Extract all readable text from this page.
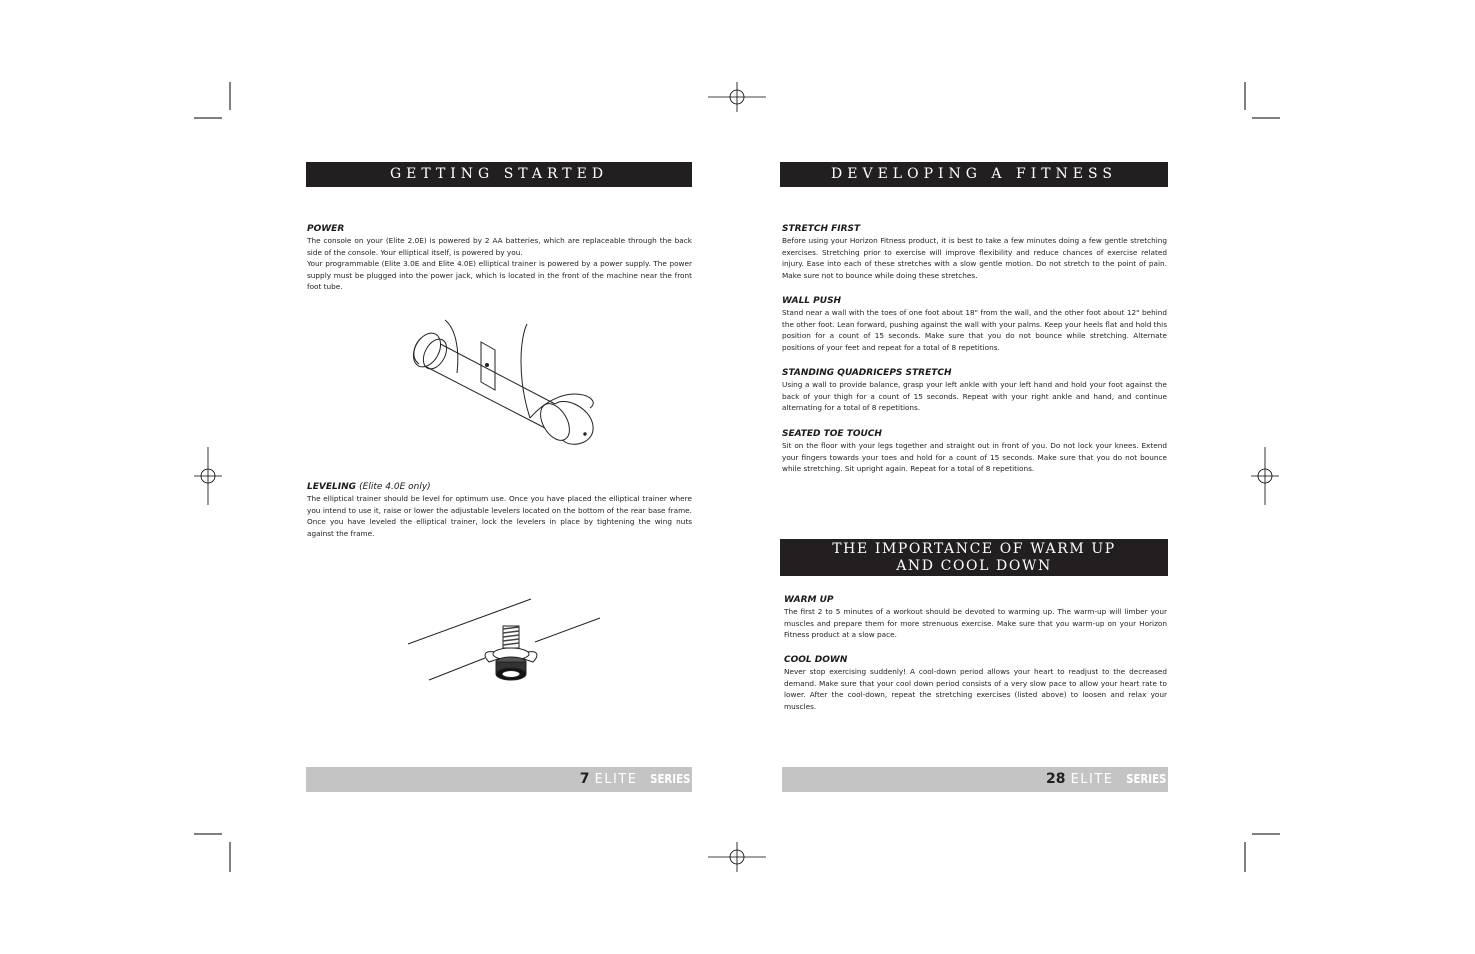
GETTING STARTED

POWER

The console on your (Elite 2.0E) is powered by 2 AA batteries, which are replaceable through the back side of the console. Your elliptical itself, is powered by you.

Your programmable (Elite 3.0E and Elite 4.0E) elliptical trainer is powered by a power supply. The power supply must be plugged into the power jack, which is located in the front of the machine near the front foot tube.

LEVELING (Elite 4.0E only)

The elliptical trainer should be level for optimum use. Once you have placed the elliptical trainer where you intend to use it, raise or lower the adjustable levelers located on the bottom of the rear base frame. Once you have leveled the elliptical trainer, lock the levelers in place by tightening the wing nuts against the frame.

7 ELITE SERIES
DEVELOPING A FITNESS PROGRAM

STRETCH FIRST

Before using your Horizon Fitness product, it is best to take a few minutes doing a few gentle stretching exercises. Stretching prior to exercise will improve flexibility and reduce chances of exercise related injury. Ease into each of these stretches with a slow gentle motion. Do not stretch to the point of pain. Make sure not to bounce while doing these stretches.

WALL PUSH

Stand near a wall with the toes of one foot about 18" from the wall, and the other foot about 12" behind the other foot. Lean forward, pushing against the wall with your palms. Keep your heels flat and hold this position for a count of 15 seconds. Make sure that you do not bounce while stretching. Alternate positions of your feet and repeat for a total of 8 repetitions.

STANDING QUADRICEPS STRETCH

Using a wall to provide balance, grasp your left ankle with your left hand and hold your foot against the back of your thigh for a count of 15 seconds. Repeat with your right ankle and hand, and continue alternating for a total of 8 repetitions.

SEATED TOE TOUCH

Sit on the floor with your legs together and straight out in front of you. Do not lock your knees. Extend your fingers towards your toes and hold for a count of 15 seconds. Make sure that you do not bounce while stretching. Sit upright again. Repeat for a total of 8 repetitions.

THE IMPORTANCE OF WARM UP
AND COOL DOWN

WARM UP

The first 2 to 5 minutes of a workout should be devoted to warming up. The warm-up will limber your muscles and prepare them for more strenuous exercise. Make sure that you warm-up on your Horizon Fitness product at a slow pace.

COOL DOWN

Never stop exercising suddenly! A cool-down period allows your heart to readjust to the decreased demand. Make sure that your cool down period consists of a very slow pace to allow your heart rate to lower. After the cool-down, repeat the stretching exercises (listed above) to loosen and relax your muscles.

28 ELITE SERIES
